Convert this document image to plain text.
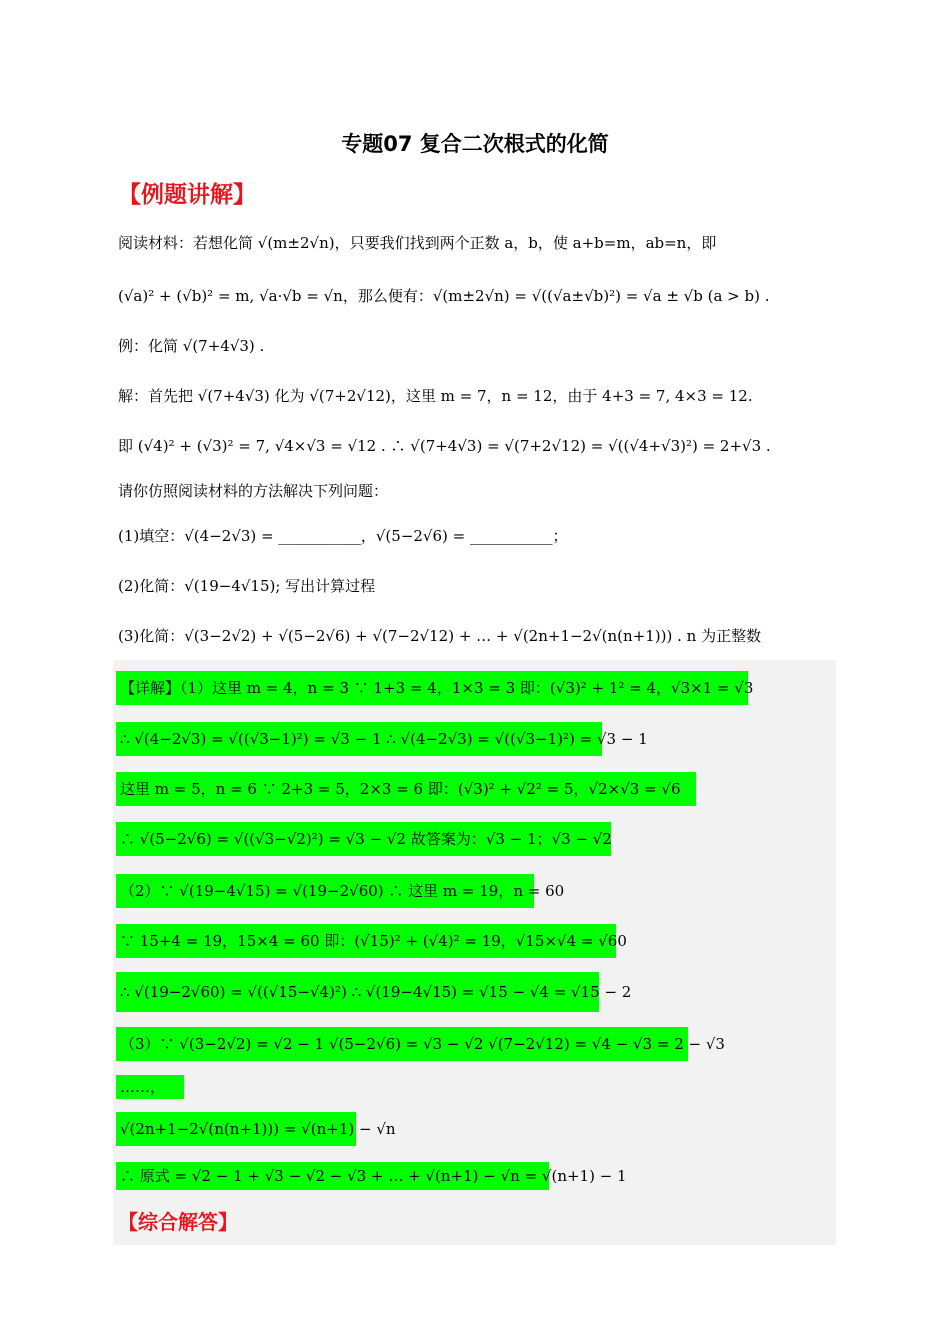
专题07 复合二次根式的化简
【例题讲解】
阅读材料：若想化简 √(m±2√n)，只要我们找到两个正数 a，b，使 a+b=m，ab=n，即
(√a)² + (√b)² = m, √a·√b = √n，那么便有：√(m±2√n) = √((√a±√b)²) = √a ± √b (a > b) .
例：化简 √(7+4√3) .
解：首先把 √(7+4√3) 化为 √(7+2√12)，这里 m = 7，n = 12，由于 4+3 = 7, 4×3 = 12.
即 (√4)² + (√3)² = 7, √4×√3 = √12 . ∴ √(7+4√3) = √(7+2√12) = √((√4+√3)²) = 2+√3 .
请你仿照阅读材料的方法解决下列问题：
(1)填空：√(4−2√3) = ___________，√(5−2√6) = ___________；
(2)化简：√(19−4√15); 写出计算过程
(3)化简：√(3−2√2) + √(5−2√6) + √(7−2√12) + … + √(2n+1−2√(n(n+1))) . n 为正整数
【详解】（1）这里 m = 4，n = 3 ∵ 1+3 = 4，1×3 = 3 即：(√3)² + 1² = 4，√3×1 = √3
∴ √(4−2√3) = √((√3−1)²) = √3 − 1 ∴ √(4−2√3) = √((√3−1)²) = √3 − 1
这里 m = 5，n = 6 ∵ 2+3 = 5，2×3 = 6 即：(√3)² + √2² = 5，√2×√3 = √6
∴ √(5−2√6) = √((√3−√2)²) = √3 − √2 故答案为：√3 − 1；√3 − √2
（2）∵ √(19−4√15) = √(19−2√60) ∴ 这里 m = 19，n = 60
∵ 15+4 = 19，15×4 = 60 即：(√15)² + (√4)² = 19，√15×√4 = √60
∴ √(19−2√60) = √((√15−√4)²) ∴ √(19−4√15) = √15 − √4 = √15 − 2
（3）∵ √(3−2√2) = √2 − 1 √(5−2√6) = √3 − √2 √(7−2√12) = √4 − √3 = 2 − √3
……，
√(2n+1−2√(n(n+1))) = √(n+1) − √n
∴ 原式 = √2 − 1 + √3 − √2 − √3 + … + √(n+1) − √n = √(n+1) − 1
【综合解答】
